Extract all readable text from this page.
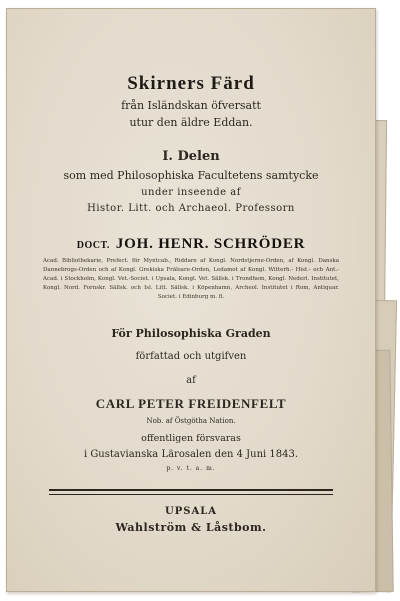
Skirners Färd
från Isländskan öfversatt
utur den äldre Eddan.
I. Delen
som med Philosophiska Facultetens samtycke
under inseende af
Histor. Litt. och Archaeol. Professorn
DOCT. JOH. HENR. SCHRÖDER
Acad. Bibliothekarie, Prefect. för Myntcab., Riddare af Kongl. Nordstjerne-Orden, af Kongl. Danska Dannebrogs-Orden och af Kongl. Grekiska Frälsare-Orden, Ledamot af Kongl. Witterh.- Hist.- och Ant.-Acad. i Stockholm, Kongl. Vet.-Societ. i Upsala, Kongl. Vet. Sällsk. i Trondhem, Kongl. Nederl. Institutet, Kongl. Nord. Fornskr. Sällsk. och Isl. Litt. Sällsk. i Köpenhamn, Archeol. Institutet i Rom, Antiquar. Societ. i Edinburg m. fl.
För Philosophiska Graden
författad och utgifven
af
CARL PETER FREIDENFELT
Nob. af Östgötha Nation.
offentligen försvaras
i Gustavianska Lärosalen den 4 Juni 1843.
p. v. t. a. m.
UPSALA
Wahlström & Låstbom.
